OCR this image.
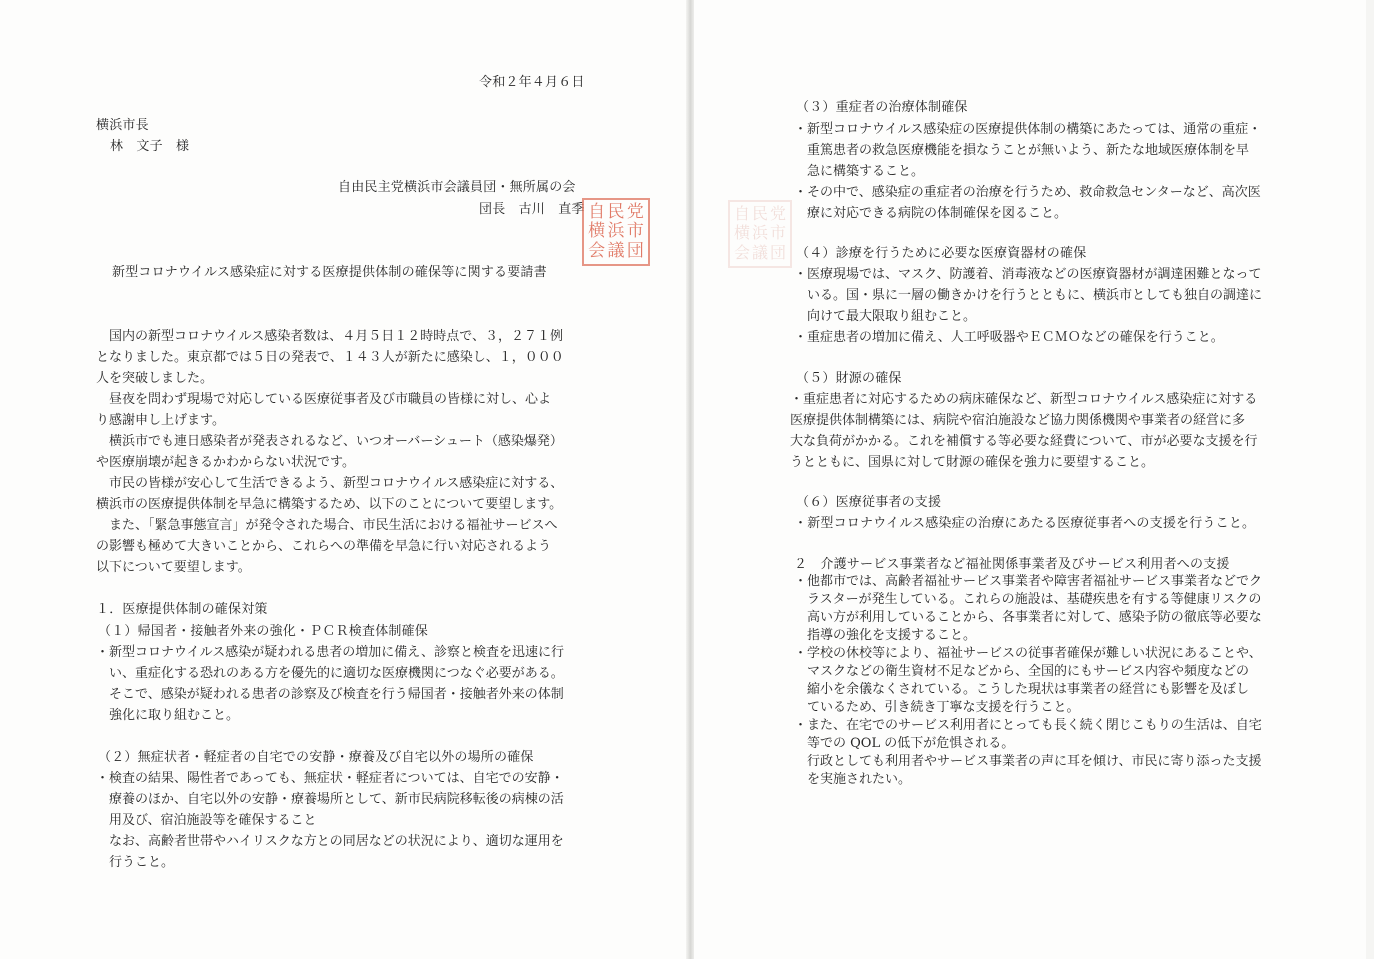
令和２年４月６日
横浜市長
林　文子　様
自由民主党横浜市会議員団・無所属の会
団長　古川　直季 自 民 党
横 浜 市
会 議 団
新型コロナウイルス感染症に対する医療提供体制の確保等に関する要請書
　国内の新型コロナウイルス感染者数は、４月５日１２時時点で、３，２７１例
となりました。東京都では５日の発表で、１４３人が新たに感染し、１，０００
人を突破しました。
　昼夜を問わず現場で対応している医療従事者及び市職員の皆様に対し、心よ
り感謝申し上げます。
　横浜市でも連日感染者が発表されるなど、いつオーバーシュート（感染爆発）
や医療崩壊が起きるかわからない状況です。
　市民の皆様が安心して生活できるよう、新型コロナウイルス感染症に対する、
横浜市の医療提供体制を早急に構築するため、以下のことについて要望します。
　また、「緊急事態宣言」が発令された場合、市民生活における福祉サービスへ
の影響も極めて大きいことから、これらへの準備を早急に行い対応されるよう
以下について要望します。
１．医療提供体制の確保対策
（１）帰国者・接触者外来の強化・ＰＣＲ検査体制確保
・新型コロナウイルス感染が疑われる患者の増加に備え、診察と検査を迅速に行
　い、重症化する恐れのある方を優先的に適切な医療機関につなぐ必要がある。
　そこで、感染が疑われる患者の診察及び検査を行う帰国者・接触者外来の体制
　強化に取り組むこと。
（２）無症状者・軽症者の自宅での安静・療養及び自宅以外の場所の確保
・検査の結果、陽性者であっても、無症状・軽症者については、自宅での安静・
　療養のほか、自宅以外の安静・療養場所として、新市民病院移転後の病棟の活
　用及び、宿泊施設等を確保すること
　なお、高齢者世帯やハイリスクな方との同居などの状況により、適切な運用を
　行うこと。
自 民 党
横 浜 市
会 議 団
（３）重症者の治療体制確保
・新型コロナウイルス感染症の医療提供体制の構築にあたっては、通常の重症・
　重篤患者の救急医療機能を損なうことが無いよう、新たな地域医療体制を早
　急に構築すること。
・その中で、感染症の重症者の治療を行うため、救命救急センターなど、高次医
　療に対応できる病院の体制確保を図ること。
（４）診療を行うために必要な医療資器材の確保
・医療現場では、マスク、防護着、消毒液などの医療資器材が調達困難となって
　いる。国・県に一層の働きかけを行うとともに、横浜市としても独自の調達に
　向けて最大限取り組むこと。
・重症患者の増加に備え、人工呼吸器やＥＣＭＯなどの確保を行うこと。
（５）財源の確保
・重症患者に対応するための病床確保など、新型コロナウイルス感染症に対する
医療提供体制構築には、病院や宿泊施設など協力関係機関や事業者の経営に多
大な負荷がかかる。これを補償する等必要な経費について、市が必要な支援を行
うとともに、国県に対して財源の確保を強力に要望すること。
（６）医療従事者の支援
・新型コロナウイルス感染症の治療にあたる医療従事者への支援を行うこと。
２　介護サービス事業者など福祉関係事業者及びサービス利用者への支援
・他都市では、高齢者福祉サービス事業者や障害者福祉サービス事業者などでク
　ラスターが発生している。これらの施設は、基礎疾患を有する等健康リスクの
　高い方が利用していることから、各事業者に対して、感染予防の徹底等必要な
　指導の強化を支援すること。
・学校の休校等により、福祉サービスの従事者確保が難しい状況にあることや、
　マスクなどの衛生資材不足などから、全国的にもサービス内容や頻度などの
　縮小を余儀なくされている。こうした現状は事業者の経営にも影響を及ぼし
　ているため、引き続き丁寧な支援を行うこと。
・また、在宅でのサービス利用者にとっても長く続く閉じこもりの生活は、自宅
　等での QOL の低下が危惧される。
　行政としても利用者やサービス事業者の声に耳を傾け、市民に寄り添った支援
　を実施されたい。
